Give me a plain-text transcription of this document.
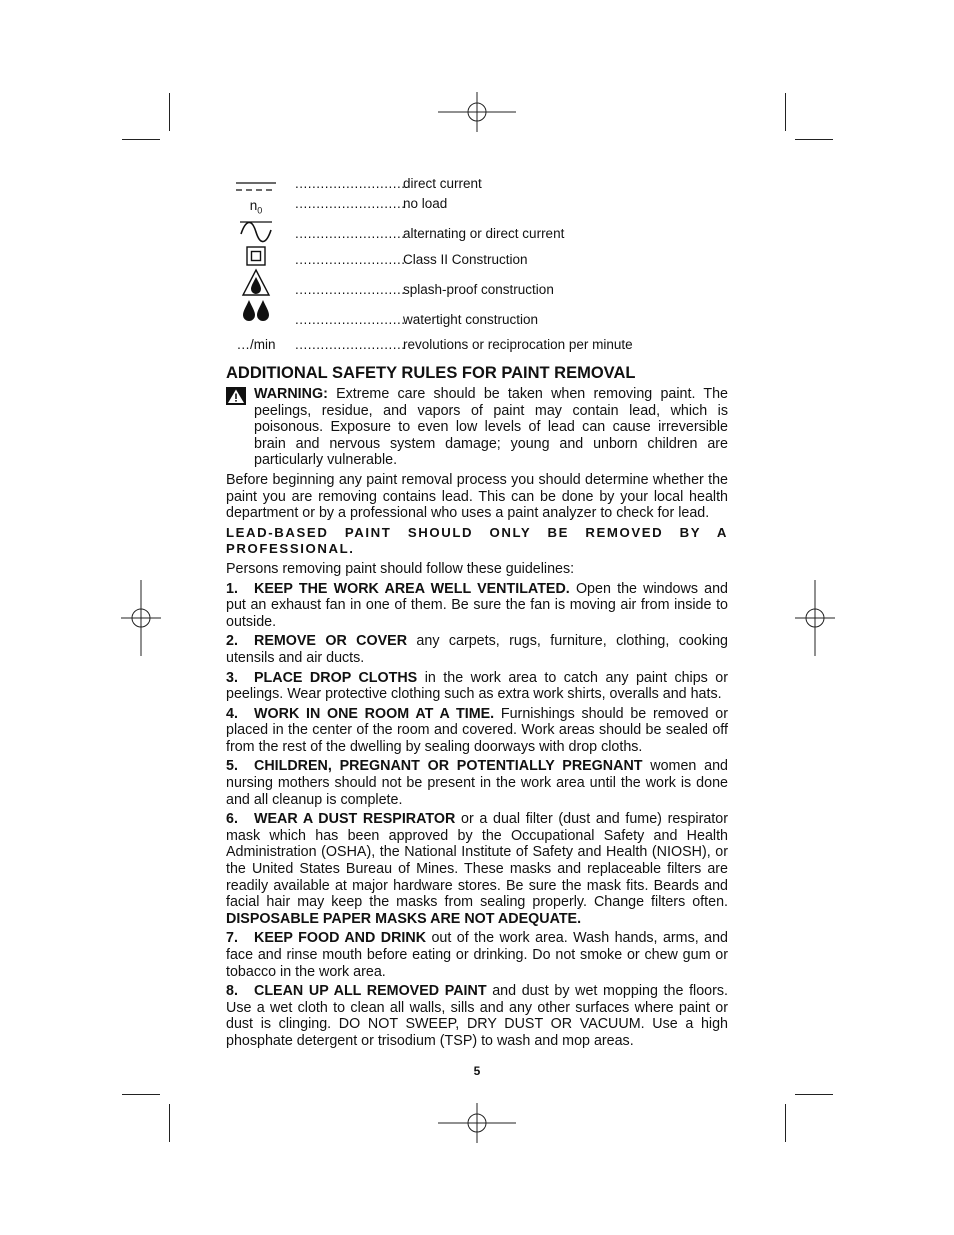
..........................
direct current
$n_0$	..........................
no load
..........................
alternating or direct current
..........................
Class II Construction
..........................
splash-proof construction
..........................
watertight construction
…/min	..........................
revolutions or reciprocation per minute
ADDITIONAL SAFETY RULES FOR PAINT REMOVAL
WARNING: Extreme care should be taken when removing paint. The peelings, residue, and vapors of paint may contain lead, which is poisonous. Exposure to even low levels of lead can cause irreversible brain and nervous system damage; young and unborn children are particularly vulnerable.

Before beginning any paint removal process you should determine whether the paint you are removing contains lead. This can be done by your local health department or by a professional who uses a paint analyzer to check for lead.

LEAD-BASED PAINT SHOULD ONLY BE REMOVED BY A PROFESSIONAL.

Persons removing paint should follow these guidelines:

1. KEEP THE WORK AREA WELL VENTILATED. Open the windows and put an exhaust fan in one of them. Be sure the fan is moving air from inside to outside.

2. REMOVE OR COVER any carpets, rugs, furniture, clothing, cooking utensils and air ducts.

3. PLACE DROP CLOTHS in the work area to catch any paint chips or peelings. Wear protective clothing such as extra work shirts, overalls and hats.

4. WORK IN ONE ROOM AT A TIME. Furnishings should be removed or placed in the center of the room and covered. Work areas should be sealed off from the rest of the dwelling by sealing doorways with drop cloths.

5. CHILDREN, PREGNANT OR POTENTIALLY PREGNANT women and nursing mothers should not be present in the work area until the work is done and all cleanup is complete.

6. WEAR A DUST RESPIRATOR or a dual filter (dust and fume) respirator mask which has been approved by the Occupational Safety and Health Administration (OSHA), the National Institute of Safety and Health (NIOSH), or the United States Bureau of Mines. These masks and replaceable filters are readily available at major hardware stores. Be sure the mask fits. Beards and facial hair may keep the masks from sealing properly. Change filters often. DISPOSABLE PAPER MASKS ARE NOT ADEQUATE.

7. KEEP FOOD AND DRINK out of the work area. Wash hands, arms, and face and rinse mouth before eating or drinking. Do not smoke or chew gum or tobacco in the work area.

8. CLEAN UP ALL REMOVED PAINT and dust by wet mopping the floors. Use a wet cloth to clean all walls, sills and any other surfaces where paint or dust is clinging. DO NOT SWEEP, DRY DUST OR VACUUM. Use a high phosphate detergent or trisodium (TSP) to wash and mop areas.

5
